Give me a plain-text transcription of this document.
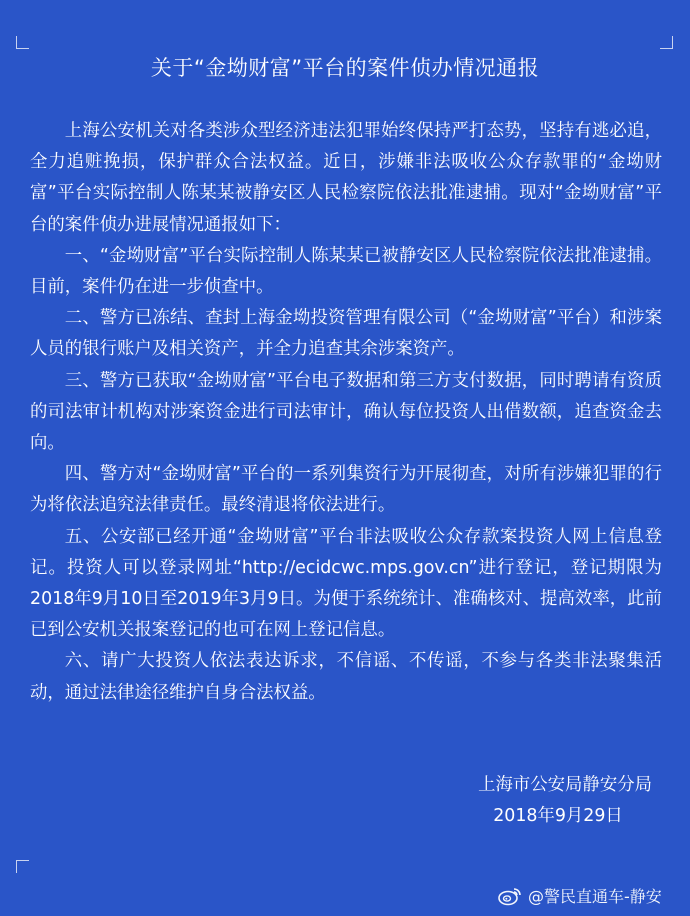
关于“金坳财富”平台的案件侦办情况通报

上海公安机关对各类涉众型经济违法犯罪始终保持严打态势，坚持有逃必追，全力追赃挽损，保护群众合法权益。近日，涉嫌非法吸收公众存款罪的“金坳财富”平台实际控制人陈某某被静安区人民检察院依法批准逮捕。现对“金坳财富”平台的案件侦办进展情况通报如下：

一、“金坳财富”平台实际控制人陈某某已被静安区人民检察院依法批准逮捕。目前，案件仍在进一步侦查中。

二、警方已冻结、查封上海金坳投资管理有限公司（“金坳财富”平台）和涉案人员的银行账户及相关资产，并全力追查其余涉案资产。

三、警方已获取“金坳财富”平台电子数据和第三方支付数据，同时聘请有资质的司法审计机构对涉案资金进行司法审计，确认每位投资人出借数额，追查资金去向。

四、警方对“金坳财富”平台的一系列集资行为开展彻查，对所有涉嫌犯罪的行为将依法追究法律责任。最终清退将依法进行。

五、公安部已经开通“金坳财富”平台非法吸收公众存款案投资人网上信息登记。投资人可以登录网址“http://ecidcwc.mps.gov.cn”进行登记，登记期限为2018年9月10日至2019年3月9日。为便于系统统计、准确核对、提高效率，此前已到公安机关报案登记的也可在网上登记信息。

六、请广大投资人依法表达诉求，不信谣、不传谣，不参与各类非法聚集活动，通过法律途径维护自身合法权益。

上海市公安局静安分局
2018年9月29日
@警民直通车-静安
